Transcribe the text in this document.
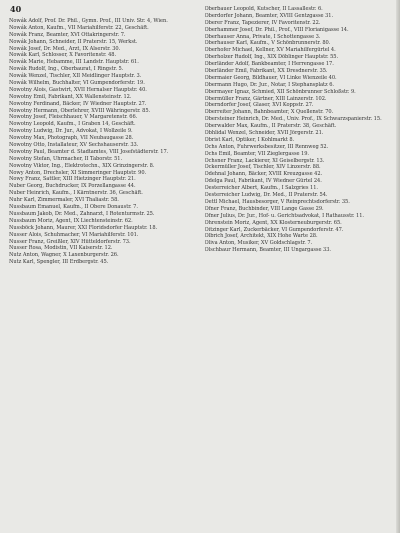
40

Nowák Adolf, Prof. Dr. Phil., Gymn. Prof., III Univ. Str. 4, Wien.

Nowák Anton, Kaufm., VII Mariahilferstr. 22, Geschäft.

Nowák Franz, Beamter, XVI Ottakringerstr. 7.

Nowák Johann, Schneider, II Praterstr. 15, Werkst.

Nowák Josef, Dr. Med., Arzt, IX Alserstr. 30.

Nowák Karl, Schlosser, X Favoritenstr. 48.

Nowák Marie, Hebamme, III Landstr. Hauptstr. 61.

Nowák Rudolf, Ing., Oberbaurat, I Ringstr. 5.

Nowák Wenzel, Tischler, XII Meidlinger Hauptstr. 3.

Nowák Wilhelm, Buchhalter, VI Gumpendorferstr. 19.

Nowotny Alois, Gastwirt, XVII Hernalser Hauptstr. 40.

Nowotny Emil, Fabrikant, XX Wallensteinstr. 12.

Nowotny Ferdinand, Bäcker, IV Wiedner Hauptstr. 27.

Nowotny Hermann, Oberlehrer, XVIII Währingerstr. 85.

Nowotny Josef, Fleischhauer, V Margaretenstr. 66.

Nowotny Leopold, Kaufm., I Graben 14, Geschäft.

Nowotny Ludwig, Dr. Jur., Advokat, I Wollzeile 9.

Nowotny Max, Photograph, VII Neubaugasse 28.

Nowotny Otto, Installateur, XV Sechshauserstr. 33.

Nowotny Paul, Beamter d. Stadtamtes, VIII Josefstädterstr. 17.

Nowotny Stefan, Uhrmacher, II Taborstr. 51.

Nowotny Viktor, Ing., Elektrotechn., XIX Grinzingerstr. 8.

Nowy Anton, Drechsler, XI Simmeringer Hauptstr. 90.

Nowy Franz, Sattler, XIII Hietzinger Hauptstr. 21.

Nuber Georg, Buchdrucker, IX Porzellangasse 44.

Nuber Heinrich, Kaufm., I Kärntnerstr. 36, Geschäft.

Nuhr Karl, Zimmermaler, XVI Thaliastr. 58.

Nussbaum Emanuel, Kaufm., II Obere Donaustr. 7.

Nussbaum Jakob, Dr. Med., Zahnarzt, I Rotenturmstr. 25.

Nussbaum Moriz, Agent, IX Liechtensteinstr. 62.

Nussböck Johann, Maurer, XXI Floridsdorfer Hauptstr. 18.

Nusser Alois, Schuhmacher, VI Mariahilferstr. 101.

Nusser Franz, Greißler, XIV Hütteldorferstr. 73.

Nusser Rosa, Modistin, VII Kaiserstr. 12.

Nutz Anton, Wagner, X Laxenburgerstr. 26.

Nutz Karl, Spengler, III Erdbergstr. 45.

Oberbauer Leopold, Kutscher, II Lassallestr. 6.

Oberdorfer Johann, Beamter, XVIII Gentzgasse 31.

Oberer Franz, Tapezierer, IV Favoritenstr. 22.

Oberhammer Josef, Dr. Phil., Prof., VIII Florianigasse 14.

Oberhauser Anna, Private, I Schottengasse 3.

Oberhauser Karl, Kaufm., V Schönbrunnerstr. 80.

Oberhofer Michael, Kellner, XV Mariahilfergürtel 4.

Oberholzer Rudolf, Ing., XIX Döblinger Hauptstr. 55.

Oberländer Adolf, Bankbeamter, I Herrengasse 17.

Oberländer Emil, Fabrikant, XX Dresdnerstr. 35.

Obermaier Georg, Bildhauer, VI Linke Wienzeile 40.

Obermann Hugo, Dr. Jur., Notar, I Stephansplatz 6.

Obermayer Ignaz, Schmied, XII Schönbrunner Schloßstr. 9.

Obermüller Franz, Gärtner, XIII Lainzerstr. 102.

Oberndorfer Josef, Glaser, XVI Koppstr. 27.

Oberreiter Johann, Bahnbeamter, X Quellenstr. 70.

Obersteiner Heinrich, Dr. Med., Univ. Prof., IX Schwarzspanierstr. 15.

Oberwalder Max, Kaufm., II Praterstr. 38, Geschäft.

Obhlidal Wenzel, Schneider, XVII Jörgerstr. 21.

Obrist Karl, Optiker, I Kohlmarkt 8.

Ochs Anton, Fuhrwerksbesitzer, III Rennweg 52.

Ochs Emil, Beamter, VII Zieglergasse 19.

Ochsner Franz, Lackierer, XI Geiselbergstr. 13.

Ockermüller Josef, Tischler, XIV Linzerstr. 88.

Odehnal Johann, Bäcker, XVIII Kreuzgasse 42.

Odelga Paul, Fabrikant, IV Wiedner Gürtel 24.

Oesterreicher Albert, Kaufm., I Salzgries 11.

Oesterreicher Ludwig, Dr. Med., II Praterstr. 54.

Oettl Michael, Hausbesorger, V Reinprechtsdorferstr. 35.

Ofner Franz, Buchbinder, VIII Lange Gasse 29.

Ofner Julius, Dr. Jur., Hof- u. Gerichtsadvokat, I Rathausstr. 11.

Ohrenstein Moriz, Agent, XX Klosterneuburgerstr. 65.

Oitzinger Karl, Zuckerbäcker, VI Gumpendorferstr. 47.

Olbrich Josef, Architekt, XIX Hohe Warte 28.

Oliva Anton, Musiker, XV Goldschlagstr. 7.

Olschbaur Hermann, Beamter, III Ungargasse 33.
